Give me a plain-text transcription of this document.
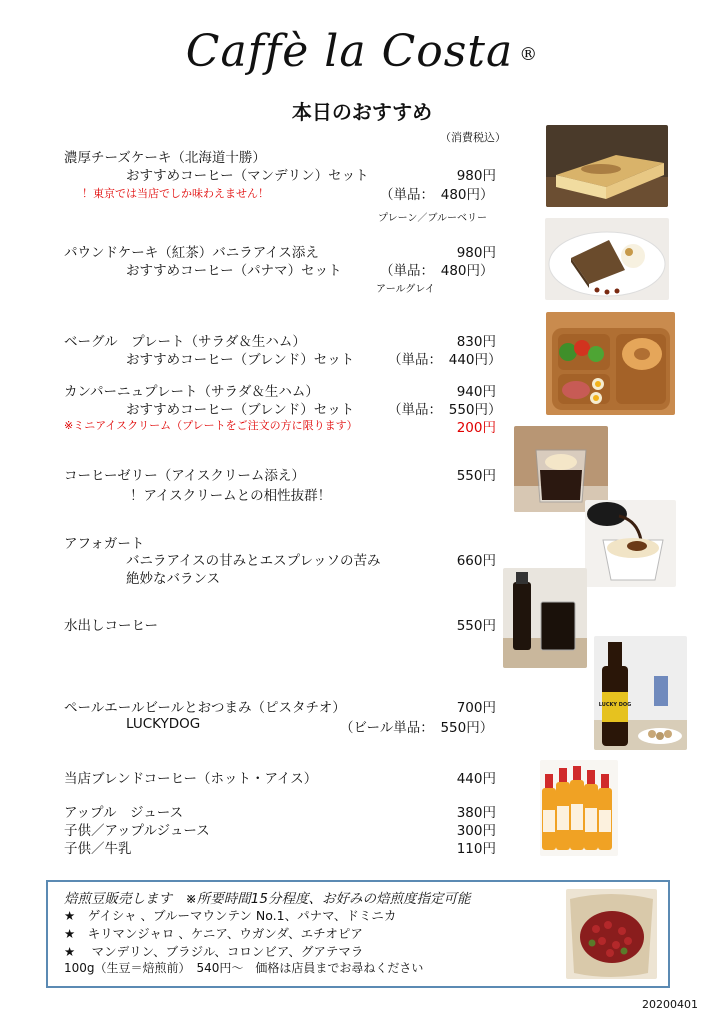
Caffè la Costa ®
本日のおすすめ
（消費税込）
濃厚チーズケーキ（北海道十勝）
おすすめコーヒー（マンデリン）セット	980円
！東京では当店でしか味わえません！	（単品：　480円）
プレーン／ブルーベリー
パウンドケーキ（紅茶）バニラアイス添え	980円
おすすめコーヒー（パナマ）セット	（単品：　480円）
アールグレイ
ベーグル　プレート（サラダ＆生ハム）	830円
おすすめコーヒー（ブレンド）セット	（単品：　440円）
カンパーニュプレート（サラダ＆生ハム）	940円
おすすめコーヒー（ブレンド）セット	（単品：　550円）
※ミニアイスクリーム（プレートをご注文の方に限ります）	200円
コーヒーゼリー（アイスクリーム添え）	550円
！アイスクリームとの相性抜群！
アフォガート
バニラアイスの甘みとエスプレッソの苦み	660円
絶妙なバランス
水出しコーヒー	550円
ペールエールビールとおつまみ（ピスタチオ）	700円
LUCKYDOG	（ビール単品：　550円）
当店ブレンドコーヒー（ホット・アイス）	440円
アップル　ジュース	380円
子供／アップルジュース	300円
子供／牛乳	110円
LUCKY DOG
焙煎豆販売します　※所要時間15分程度、お好みの焙煎度指定可能
★　ゲイシャ 、ブルーマウンテン No.1、パナマ、ドミニカ
★　キリマンジャロ 、ケニア、ウガンダ、エチオピア
★　 マンデリン、ブラジル、コロンビア、グアテマラ
100g（生豆＝焙煎前）　540円～　価格は店員までお尋ねください
20200401
